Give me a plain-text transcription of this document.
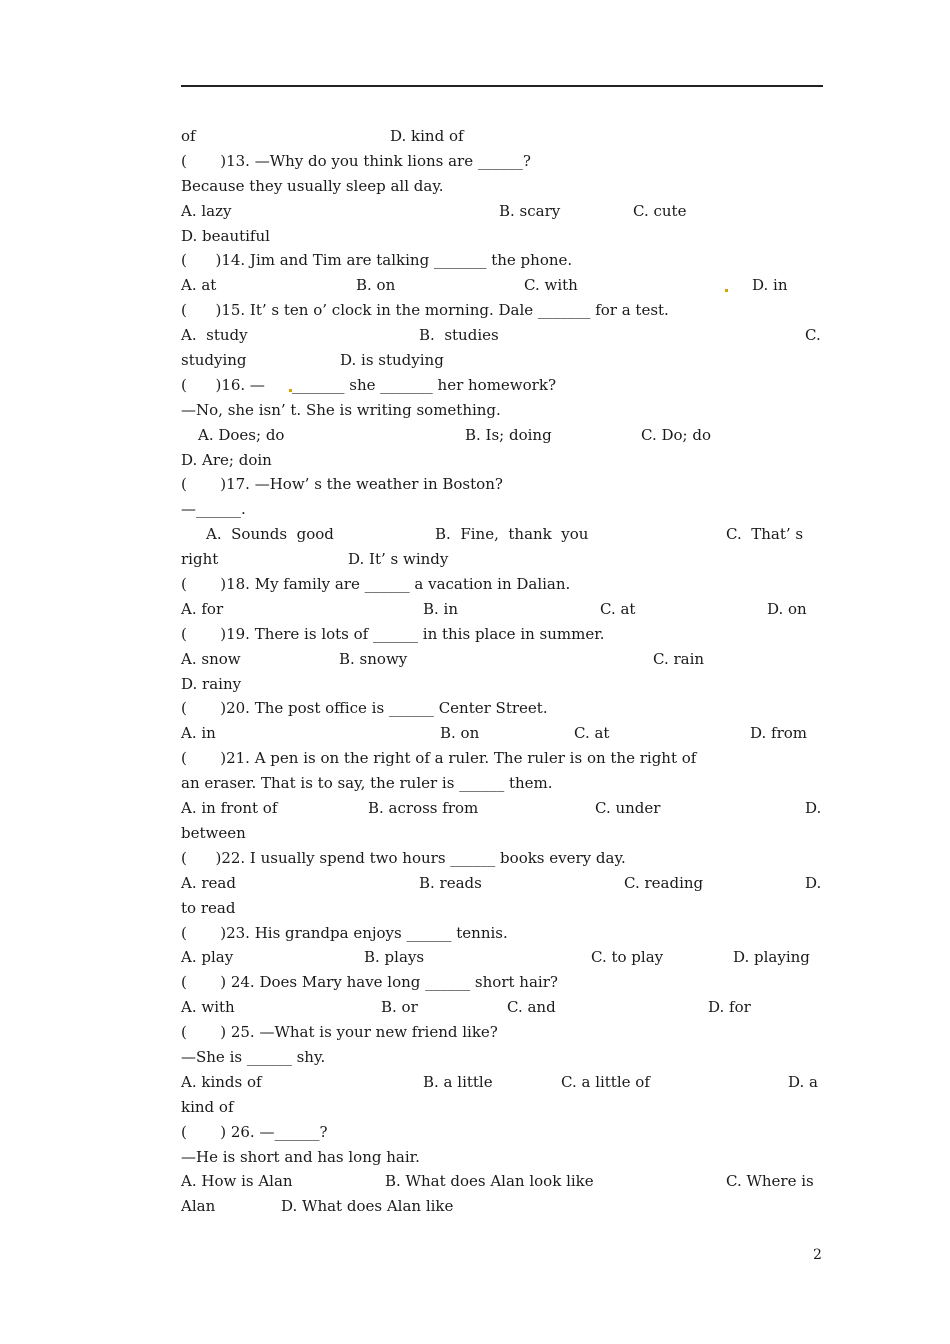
of	D. kind of
(       )13. —Why do you think lions are ______?
Because they usually sleep all day.
A. lazy	B. scary	C. cute
D. beautiful
(      )14. Jim and Tim are talking _______ the phone.
A. at	B. on	C. with	D. in
(      )15. It’ s ten o’ clock in the morning. Dale _______ for a test.
A.  study	B.  studies	C.
studying	D. is studying
(      )16. — _______ she _______ her homework?
—No, she isn’ t. She is writing something.
A. Does; do	B. Is; doing	C. Do; do
D. Are; doin
(       )17. —How’ s the weather in Boston?
—______.
A.  Sounds  good	B.  Fine,  thank  you	C.  That’ s
right	D. It’ s windy
(       )18. My family are ______ a vacation in Dalian.
A. for	B. in	C. at	D. on
(       )19. There is lots of ______ in this place in summer.
A. snow	B. snowy	C. rain
D. rainy
(       )20. The post office is ______ Center Street.
A. in	B. on	C. at	D. from
(       )21. A pen is on the right of a ruler. The ruler is on the right of
an eraser. That is to say, the ruler is ______ them.
A. in front of	B. across from	C. under	D.
between
(      )22. I usually spend two hours ______ books every day.
A. read	B. reads	C. reading	D.
to read
(       )23. His grandpa enjoys ______ tennis.
A. play	B. plays	C. to play	D. playing
(       ) 24. Does Mary have long ______ short hair?
A. with	B. or	C. and	D. for
(       ) 25. —What is your new friend like?
—She is ______ shy.
A. kinds of	B. a little	C. a little of	D. a
kind of
(       ) 26. —______?
—He is short and has long hair.
A. How is Alan	B. What does Alan look like	C. Where is
Alan	D. What does Alan like
2
